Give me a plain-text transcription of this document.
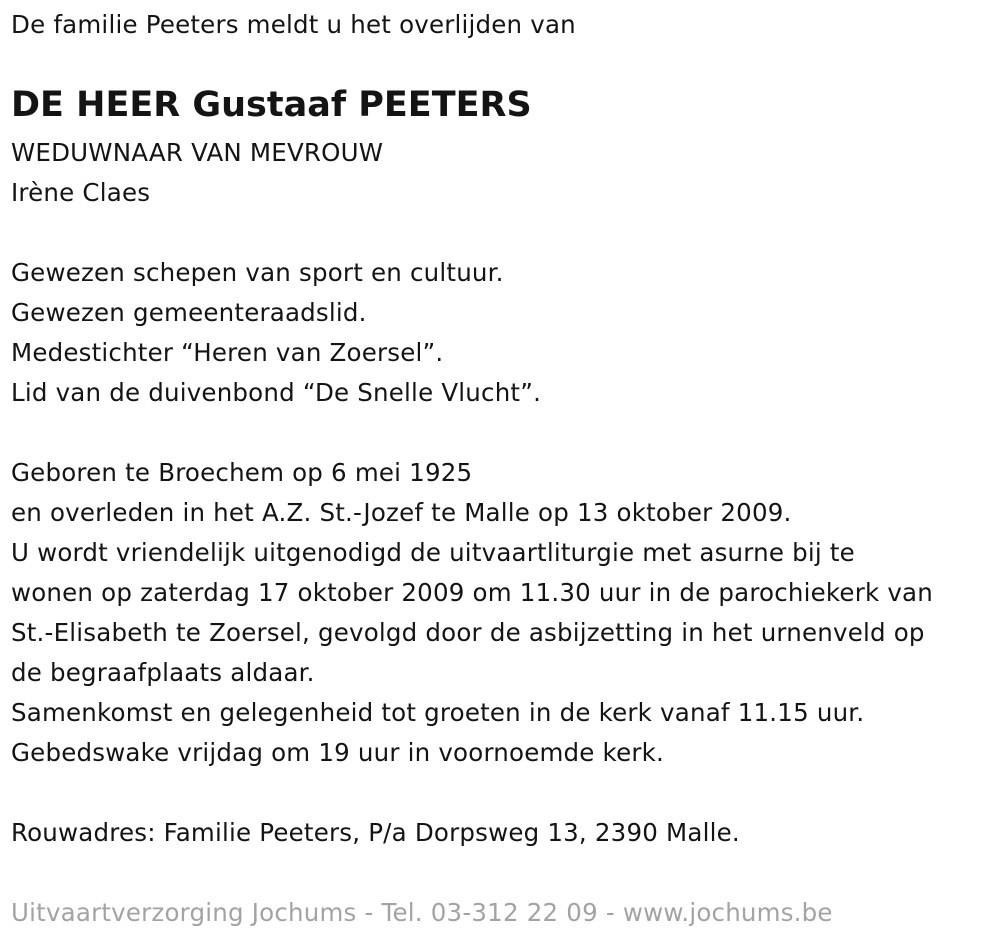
De familie Peeters meldt u het overlijden van
DE HEER Gustaaf PEETERS
WEDUWNAAR VAN MEVROUW
Irène Claes
Gewezen schepen van sport en cultuur.
Gewezen gemeenteraadslid.
Medestichter “Heren van Zoersel”.
Lid van de duivenbond “De Snelle Vlucht”.
Geboren te Broechem op 6 mei 1925
en overleden in het A.Z. St.-Jozef te Malle op 13 oktober 2009.
U wordt vriendelijk uitgenodigd de uitvaartliturgie met asurne bij te
wonen op zaterdag 17 oktober 2009 om 11.30 uur in de parochiekerk van
St.-Elisabeth te Zoersel, gevolgd door de asbijzetting in het urnenveld op
de begraafplaats aldaar.
Samenkomst en gelegenheid tot groeten in de kerk vanaf 11.15 uur.
Gebedswake vrijdag om 19 uur in voornoemde kerk.
Rouwadres: Familie Peeters, P/a Dorpsweg 13, 2390 Malle.
Uitvaartverzorging Jochums - Tel. 03-312 22 09 - www.jochums.be
